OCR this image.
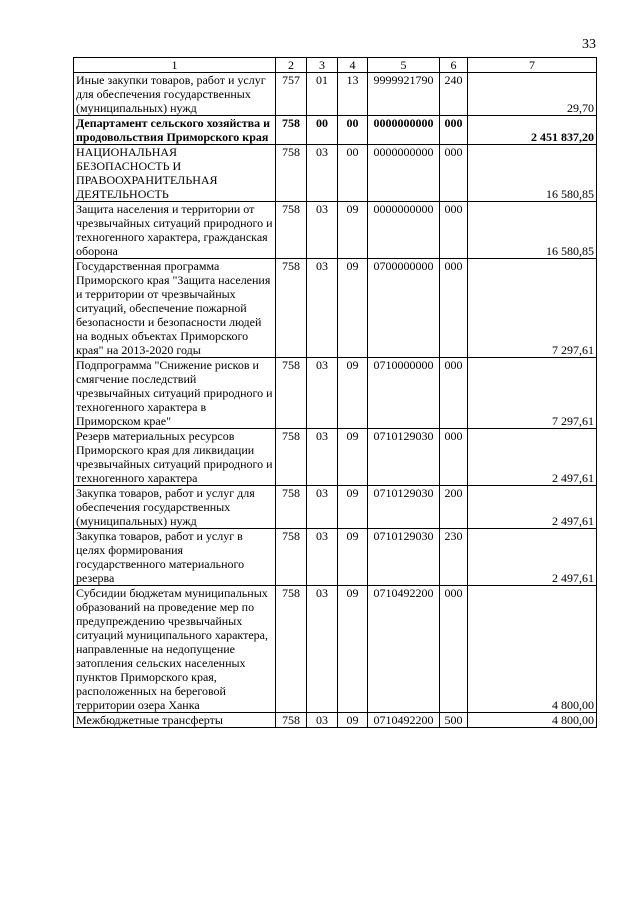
33
1	2	3	4	5	6	7
Иные закупки товаров, работ и услуг для обеспечения государственных (муниципальных) нужд	757	01	13	9999921790	240	29,70
Департамент сельского хозяйства и продовольствия Приморского края	758	00	00	0000000000	000	2 451 837,20
НАЦИОНАЛЬНАЯ БЕЗОПАСНОСТЬ И ПРАВООХРАНИТЕЛЬНАЯ ДЕЯТЕЛЬНОСТЬ	758	03	00	0000000000	000	16 580,85
Защита населения и территории от чрезвычайных ситуаций природного и техногенного характера, гражданская оборона	758	03	09	0000000000	000	16 580,85
Государственная программа Приморского края "Защита населения и территории от чрезвычайных ситуаций, обеспечение пожарной безопасности и безопасности людей на водных объектах Приморского края" на 2013-2020 годы	758	03	09	0700000000	000	7 297,61
Подпрограмма "Снижение рисков и смягчение последствий чрезвычайных ситуаций природного и техногенного характера в Приморском крае"	758	03	09	0710000000	000	7 297,61
Резерв материальных ресурсов Приморского края для ликвидации чрезвычайных ситуаций природного и техногенного характера	758	03	09	0710129030	000	2 497,61
Закупка товаров, работ и услуг для обеспечения государственных (муниципальных) нужд	758	03	09	0710129030	200	2 497,61
Закупка товаров, работ и услуг в целях формирования государственного материального резерва	758	03	09	0710129030	230	2 497,61
Субсидии бюджетам муниципальных образований на проведение мер по предупреждению чрезвычайных ситуаций муниципального характера, направленные на недопущение затопления сельских населенных пунктов Приморского края, расположенных на береговой территории озера Ханка	758	03	09	0710492200	000	4 800,00
Межбюджетные трансферты	758	03	09	0710492200	500	4 800,00
